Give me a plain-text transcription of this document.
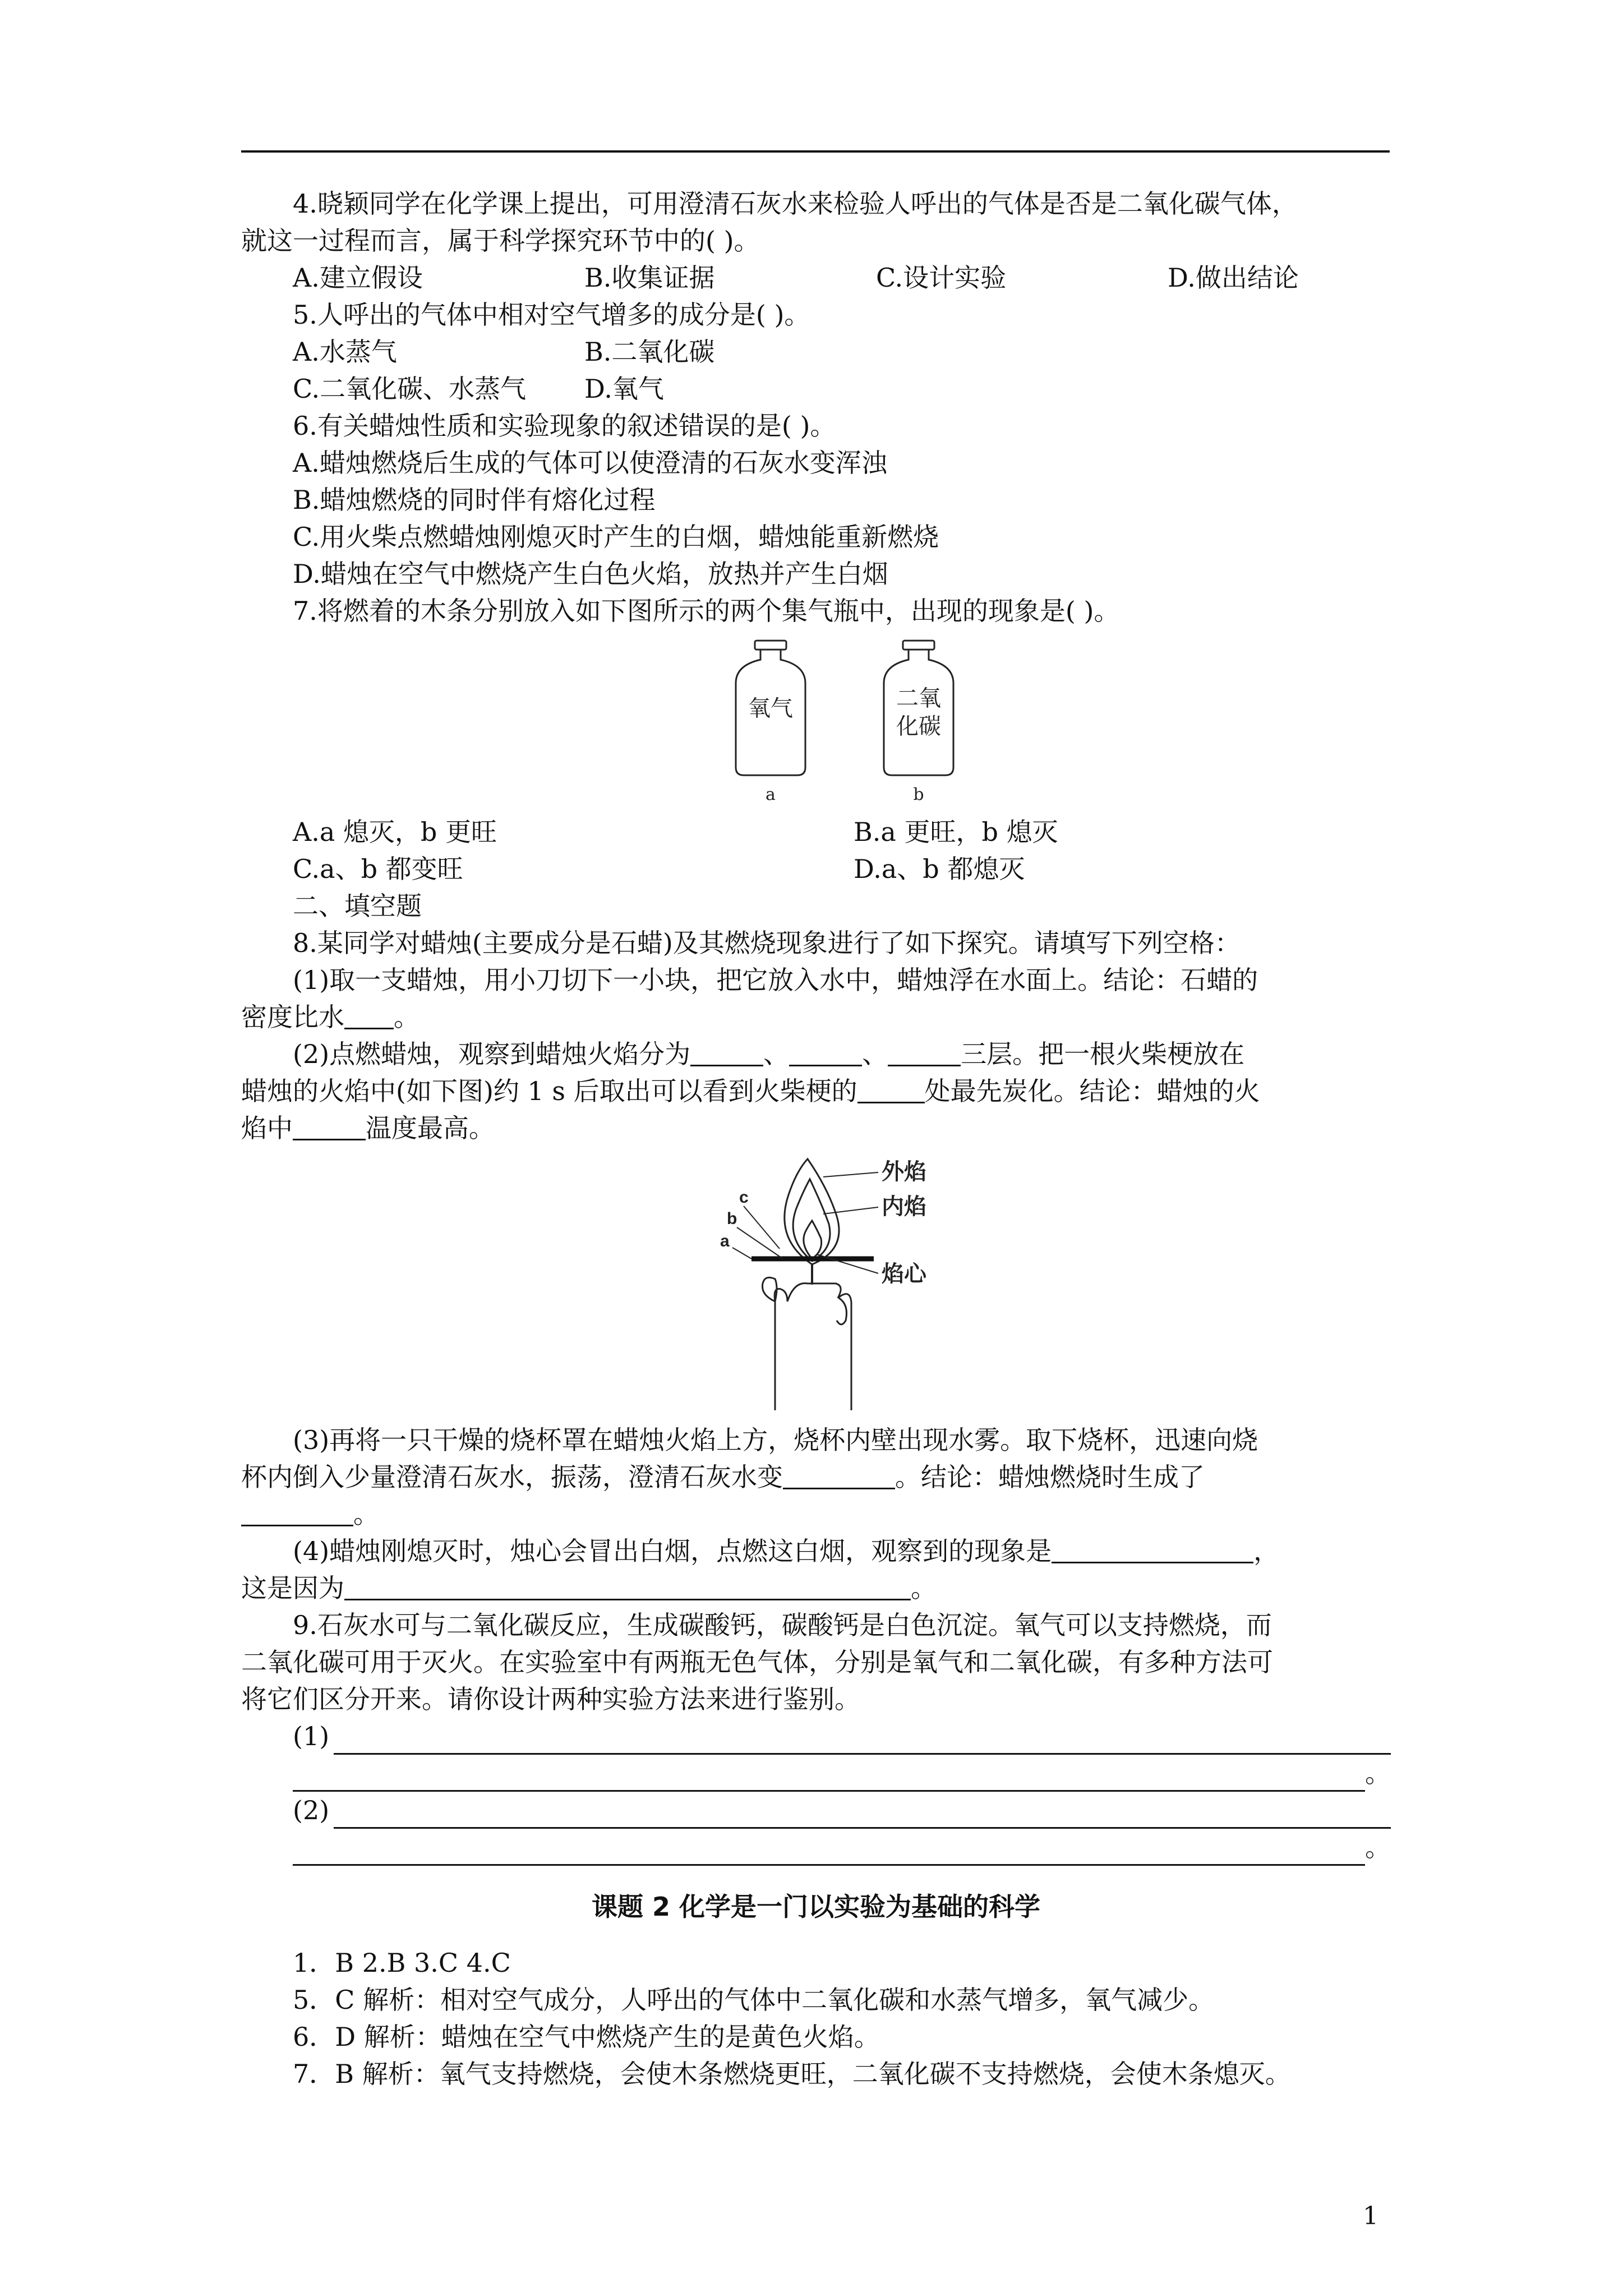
4.晓颖同学在化学课上提出，可用澄清石灰水来检验人呼出的气体是否是二氧化碳气体，

就这一过程而言，属于科学探究环节中的( )。

A.建立假设	B.收集证据	C.设计实验	D.做出结论

5.人呼出的气体中相对空气增多的成分是( )。

A.水蒸气	B.二氧化碳
C.二氧化碳、水蒸气	D.氧气

6.有关蜡烛性质和实验现象的叙述错误的是( )。

A.蜡烛燃烧后生成的气体可以使澄清的石灰水变浑浊

B.蜡烛燃烧的同时伴有熔化过程

C.用火柴点燃蜡烛刚熄灭时产生的白烟，蜡烛能重新燃烧

D.蜡烛在空气中燃烧产生白色火焰，放热并产生白烟

7.将燃着的木条分别放入如下图所示的两个集气瓶中，出现的现象是( )。

氧气
a
二氧
化碳
b
A.a 熄灭，b 更旺	B.a 更旺，b 熄灭
C.a、b 都变旺	D.a、b 都熄灭

二、填空题

8.某同学对蜡烛(主要成分是石蜡)及其燃烧现象进行了如下探究。请填写下列空格：

(1)取一支蜡烛，用小刀切下一小块，把它放入水中，蜡烛浮在水面上。结论：石蜡的

密度比水 。

(2)点燃蜡烛，观察到蜡烛火焰分为	、	、	三层。把一根火柴梗放在

蜡烛的火焰中(如下图)约 1 s 后取出可以看到火柴梗的	处最先炭化。结论：蜡烛的火

焰中	温度最高。

c
b
a
外焰
内焰
焰心

(3)再将一只干燥的烧杯罩在蜡烛火焰上方，烧杯内壁出现水雾。取下烧杯，迅速向烧

杯内倒入少量澄清石灰水，振荡，澄清石灰水变	。结论：蜡烛燃烧时生成了

。

(4)蜡烛刚熄灭时，烛心会冒出白烟，点燃这白烟，观察到的现象是	，

这是因为	。

9.石灰水可与二氧化碳反应，生成碳酸钙，碳酸钙是白色沉淀。氧气可以支持燃烧，而

二氧化碳可用于灭火。在实验室中有两瓶无色气体，分别是氧气和二氧化碳，有多种方法可

将它们区分开来。请你设计两种实验方法来进行鉴别。

(1)
。
(2)
。

课题 2 化学是一门以实验为基础的科学

1．B 2.B 3.C 4.C

5．C 解析：相对空气成分，人呼出的气体中二氧化碳和水蒸气增多，氧气减少。

6．D 解析：蜡烛在空气中燃烧产生的是黄色火焰。

7．B 解析：氧气支持燃烧，会使木条燃烧更旺，二氧化碳不支持燃烧，会使木条熄灭。

1
